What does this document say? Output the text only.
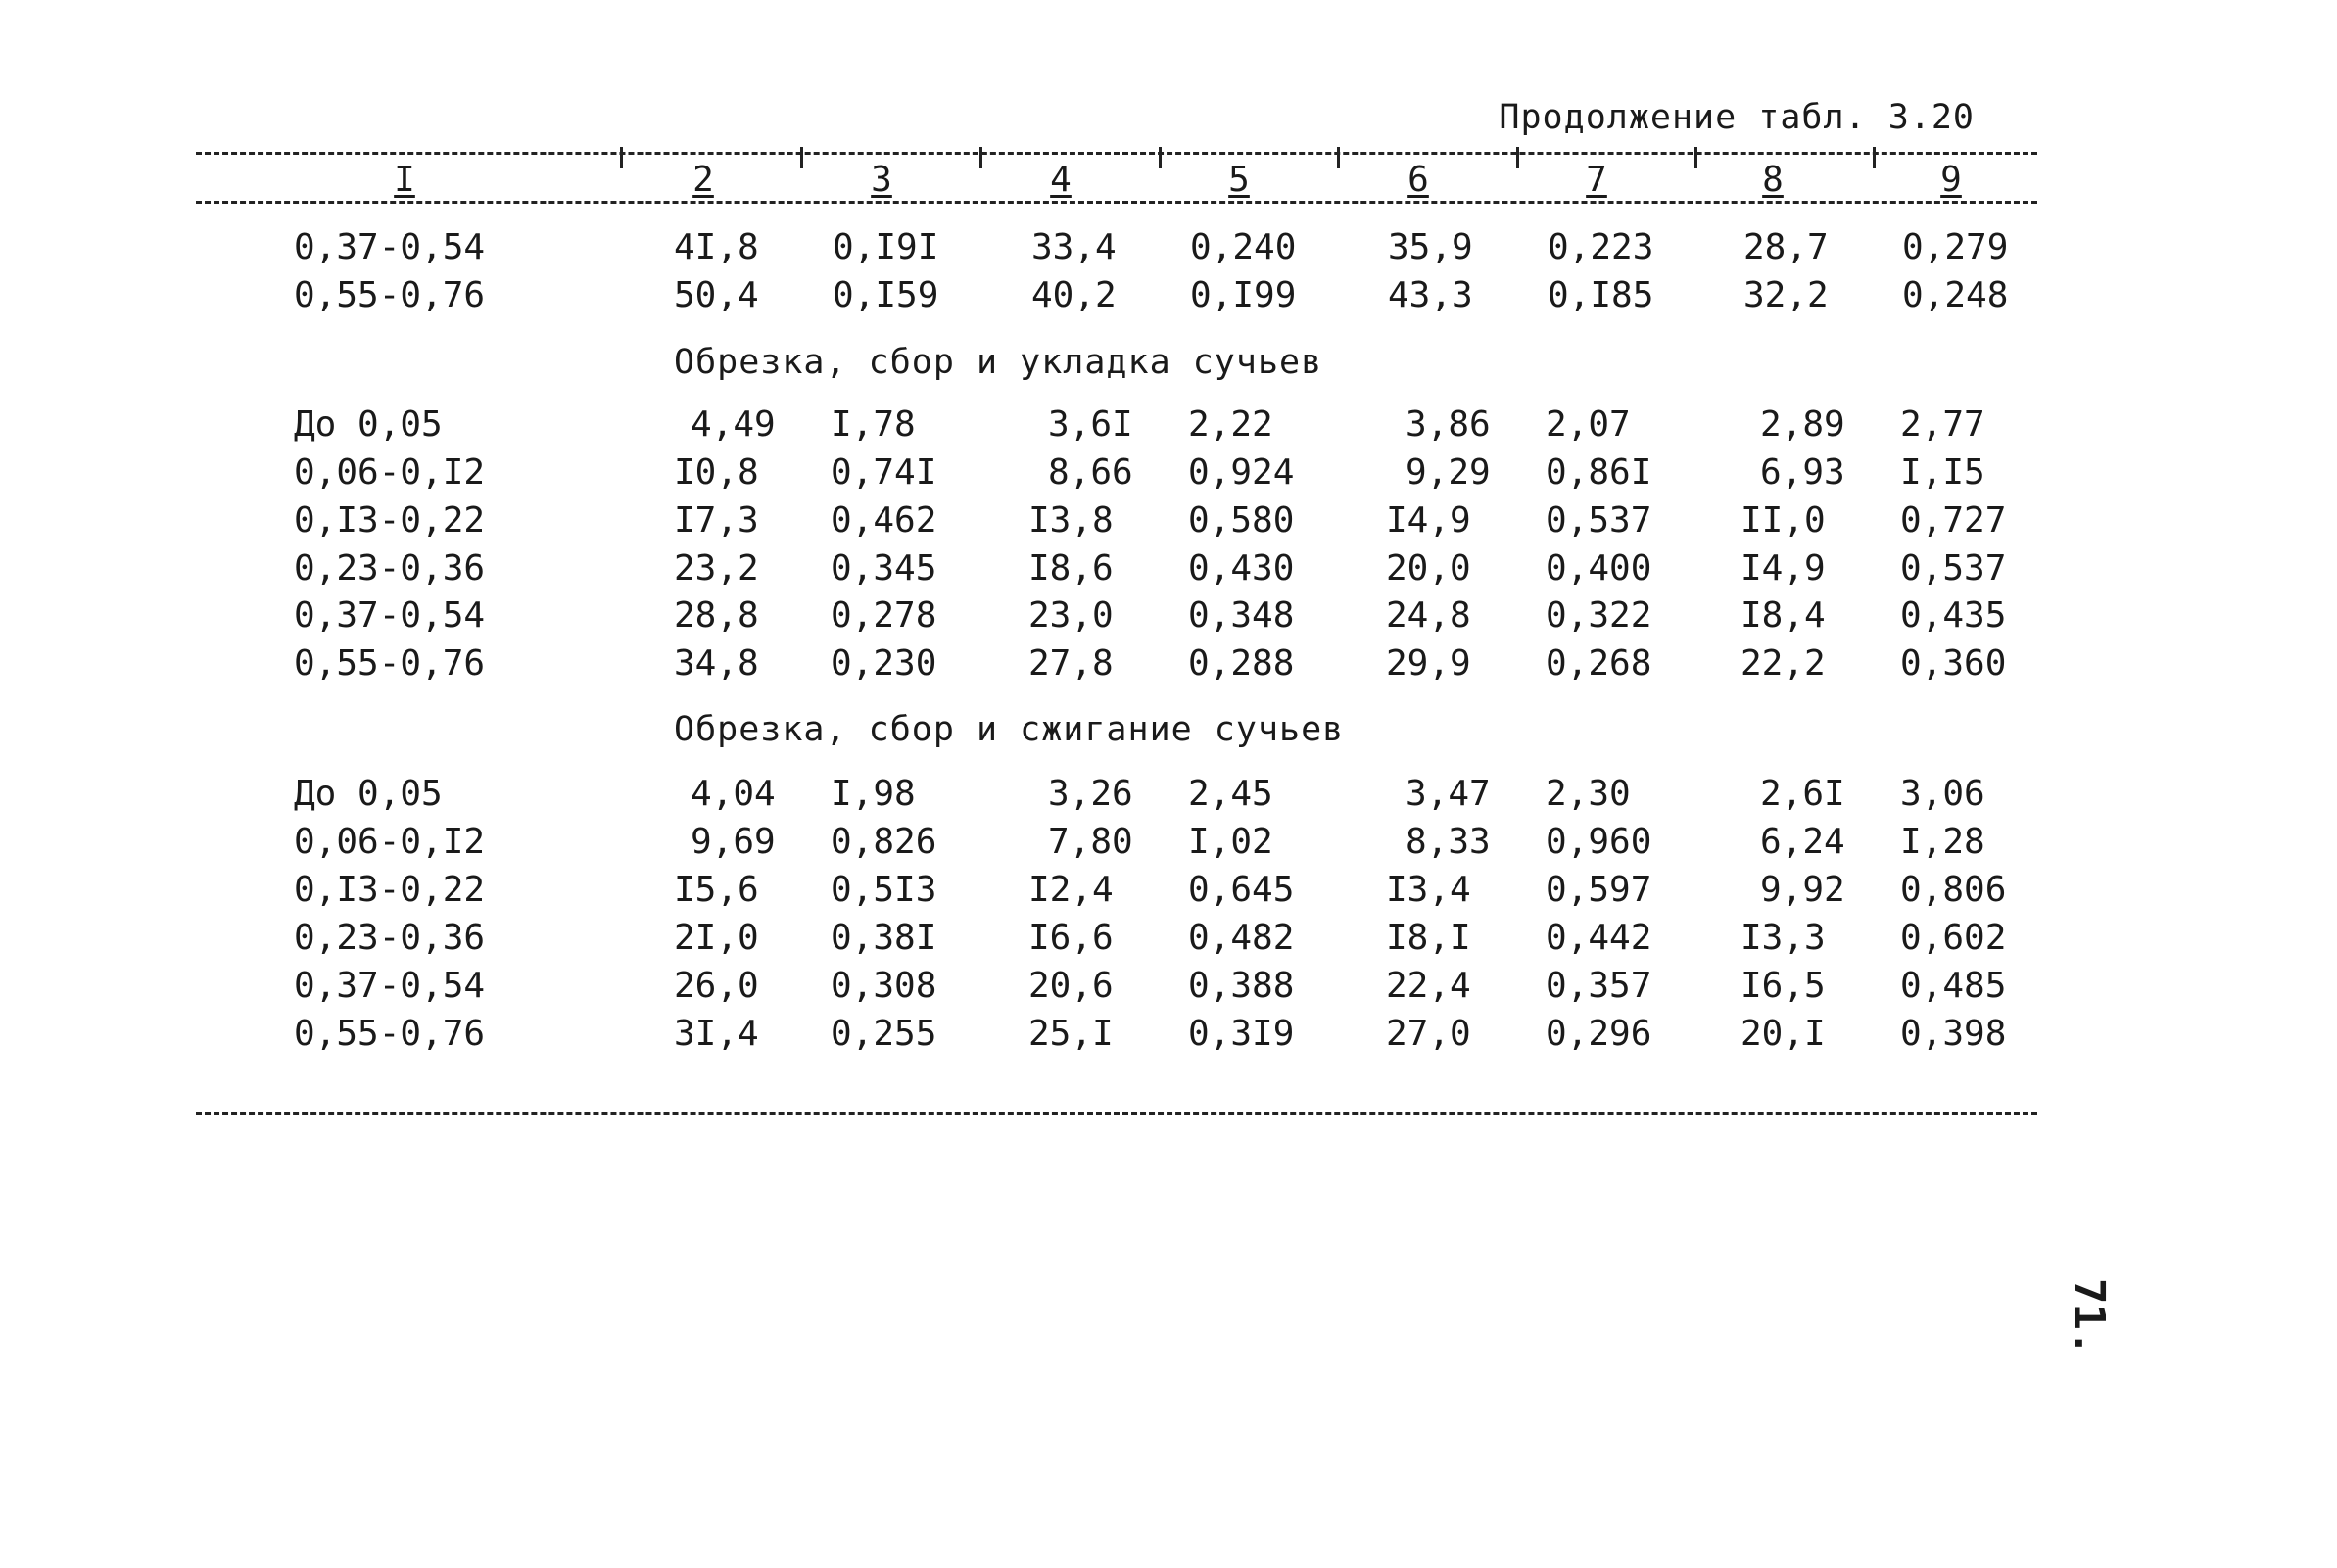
Продолжение табл. 3.20
I	2	3	4	5	6	7	8	9
0,37-0,54	4I,8 0,I9I	33,4 0,240	35,9 0,223	28,7 0,279
0,55-0,76	50,4 0,I59	40,2 0,I99	43,3 0,I85	32,2 0,248
Обрезка, сбор и укладка сучьев
До 0,05	4,49 I,78	3,6I 2,22	3,86 2,07	2,89 2,77
0,06-0,I2	I0,8 0,74I	8,66 0,924	9,29 0,86I	6,93 I,I5
0,I3-0,22	I7,3 0,462	I3,8 0,580	I4,9 0,537	II,0 0,727
0,23-0,36	23,2 0,345	I8,6 0,430	20,0 0,400	I4,9 0,537
0,37-0,54	28,8 0,278	23,0 0,348	24,8 0,322	I8,4 0,435
0,55-0,76	34,8 0,230	27,8 0,288	29,9 0,268	22,2 0,360
Обрезка, сбор и сжигание сучьев
До 0,05	4,04 I,98	3,26 2,45	3,47 2,30	2,6I 3,06
0,06-0,I2	9,69 0,826	7,80 I,02	8,33 0,960	6,24 I,28
0,I3-0,22	I5,6 0,5I3	I2,4 0,645	I3,4 0,597	9,92 0,806
0,23-0,36	2I,0 0,38I	I6,6 0,482	I8,I 0,442	I3,3 0,602
0,37-0,54	26,0 0,308	20,6 0,388	22,4 0,357	I6,5 0,485
0,55-0,76	3I,4 0,255	25,I 0,3I9	27,0 0,296	20,I 0,398
71.
